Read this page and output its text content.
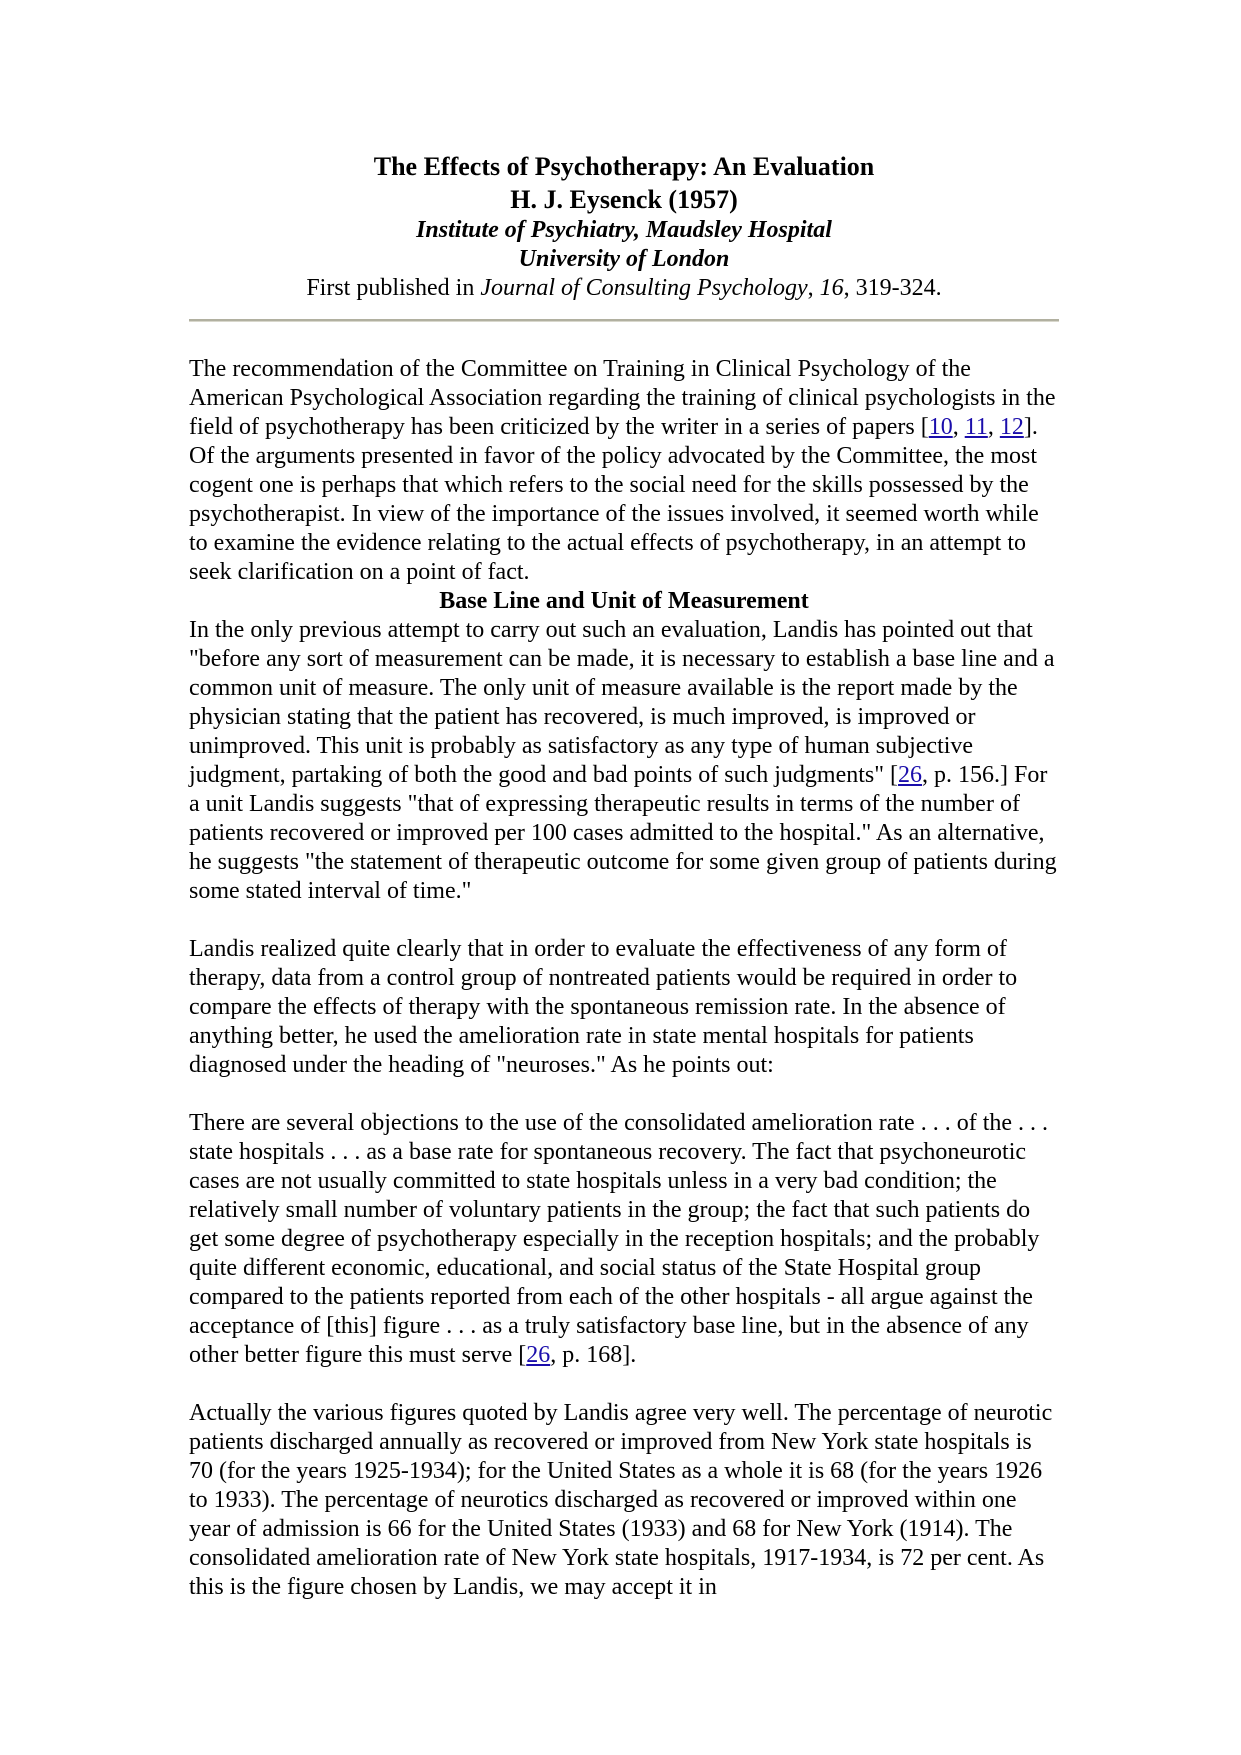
The Effects of Psychotherapy: An Evaluation
H. J. Eysenck (1957)
Institute of Psychiatry, Maudsley Hospital
University of London
First published in Journal of Consulting Psychology, 16, 319-324.

The recommendation of the Committee on Training in Clinical Psychology of the American Psychological Association regarding the training of clinical psychologists in the field of psychotherapy has been criticized by the writer in a series of papers [10, 11, 12]. Of the arguments presented in favor of the policy advocated by the Committee, the most cogent one is perhaps that which refers to the social need for the skills possessed by the psychotherapist. In view of the importance of the issues involved, it seemed worth while to examine the evidence relating to the actual effects of psychotherapy, in an attempt to seek clarification on a point of fact.

Base Line and Unit of Measurement

In the only previous attempt to carry out such an evaluation, Landis has pointed out that "before any sort of measurement can be made, it is necessary to establish a base line and a common unit of measure. The only unit of measure available is the report made by the physician stating that the patient has recovered, is much improved, is improved or unimproved. This unit is probably as satisfactory as any type of human subjective judgment, partaking of both the good and bad points of such judgments" [26, p. 156.] For a unit Landis suggests "that of expressing therapeutic results in terms of the number of patients recovered or improved per 100 cases admitted to the hospital." As an alternative, he suggests "the statement of therapeutic outcome for some given group of patients during some stated interval of time."

Landis realized quite clearly that in order to evaluate the effectiveness of any form of therapy, data from a control group of nontreated patients would be required in order to compare the effects of therapy with the spontaneous remission rate. In the absence of anything better, he used the amelioration rate in state mental hospitals for patients diagnosed under the heading of "neuroses." As he points out:

There are several objections to the use of the consolidated amelioration rate . . . of the . . . state hospitals . . . as a base rate for spontaneous recovery. The fact that psychoneurotic cases are not usually committed to state hospitals unless in a very bad condition; the relatively small number of voluntary patients in the group; the fact that such patients do get some degree of psychotherapy especially in the reception hospitals; and the probably quite different economic, educational, and social status of the State Hospital group compared to the patients reported from each of the other hospitals - all argue against the acceptance of [this] figure . . . as a truly satisfactory base line, but in the absence of any other better figure this must serve [26, p. 168].

Actually the various figures quoted by Landis agree very well. The percentage of neurotic patients discharged annually as recovered or improved from New York state hospitals is 70 (for the years 1925-1934); for the United States as a whole it is 68 (for the years 1926 to 1933). The percentage of neurotics discharged as recovered or improved within one year of admission is 66 for the United States (1933) and 68 for New York (1914). The consolidated amelioration rate of New York state hospitals, 1917-1934, is 72 per cent. As this is the figure chosen by Landis, we may accept it in
